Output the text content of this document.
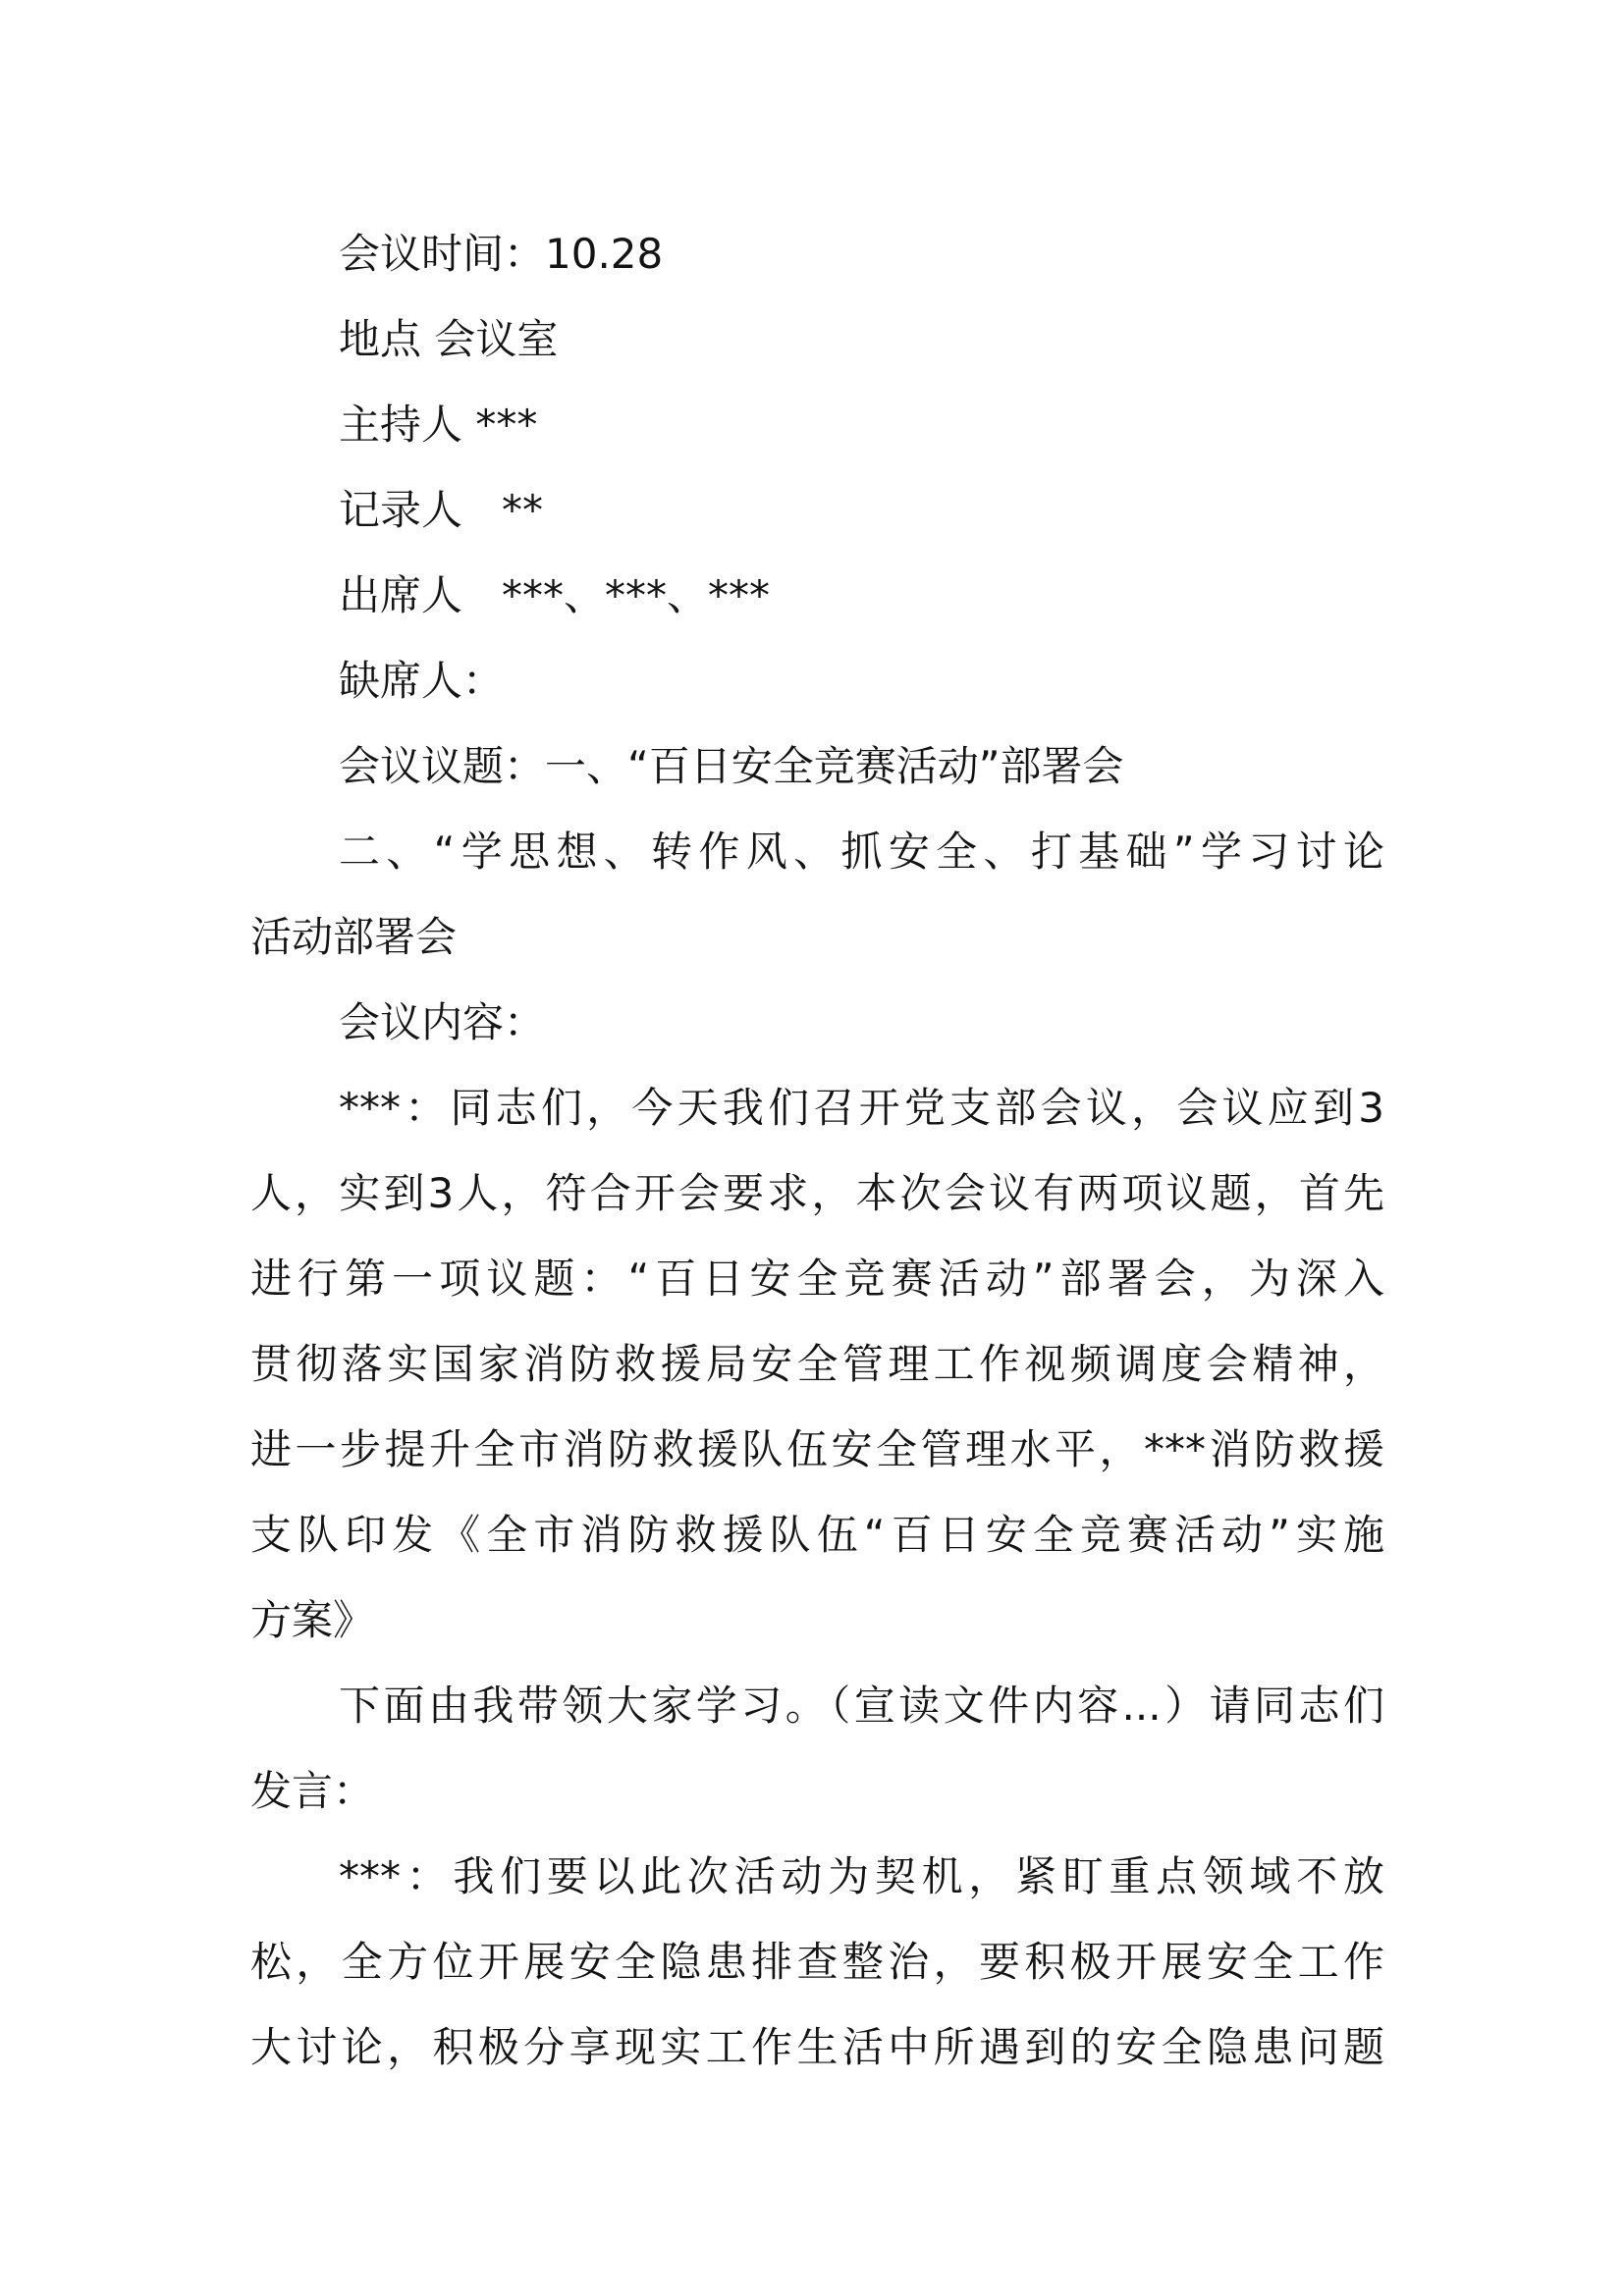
会议时间：10.28
地点 会议室
主持人 ***
记录人   **
出席人   ***、***、***
缺席人：
会议议题：一、“百日安全竞赛活动”部署会
二、“学思想、转作风、抓安全、打基础”学习讨论
活动部署会
会议内容：
***：同志们，今天我们召开党支部会议，会议应到3
人，实到3人，符合开会要求，本次会议有两项议题，首先
进行第一项议题：“百日安全竞赛活动”部署会，为深入
贯彻落实国家消防救援局安全管理工作视频调度会精神，
进一步提升全市消防救援队伍安全管理水平，***消防救援
支队印发《全市消防救援队伍“百日安全竞赛活动”实施
方案》
下面由我带领大家学习。（宣读文件内容...）请同志们
发言：
***：我们要以此次活动为契机，紧盯重点领域不放
松，全方位开展安全隐患排查整治，要积极开展安全工作
大讨论，积极分享现实工作生活中所遇到的安全隐患问题
